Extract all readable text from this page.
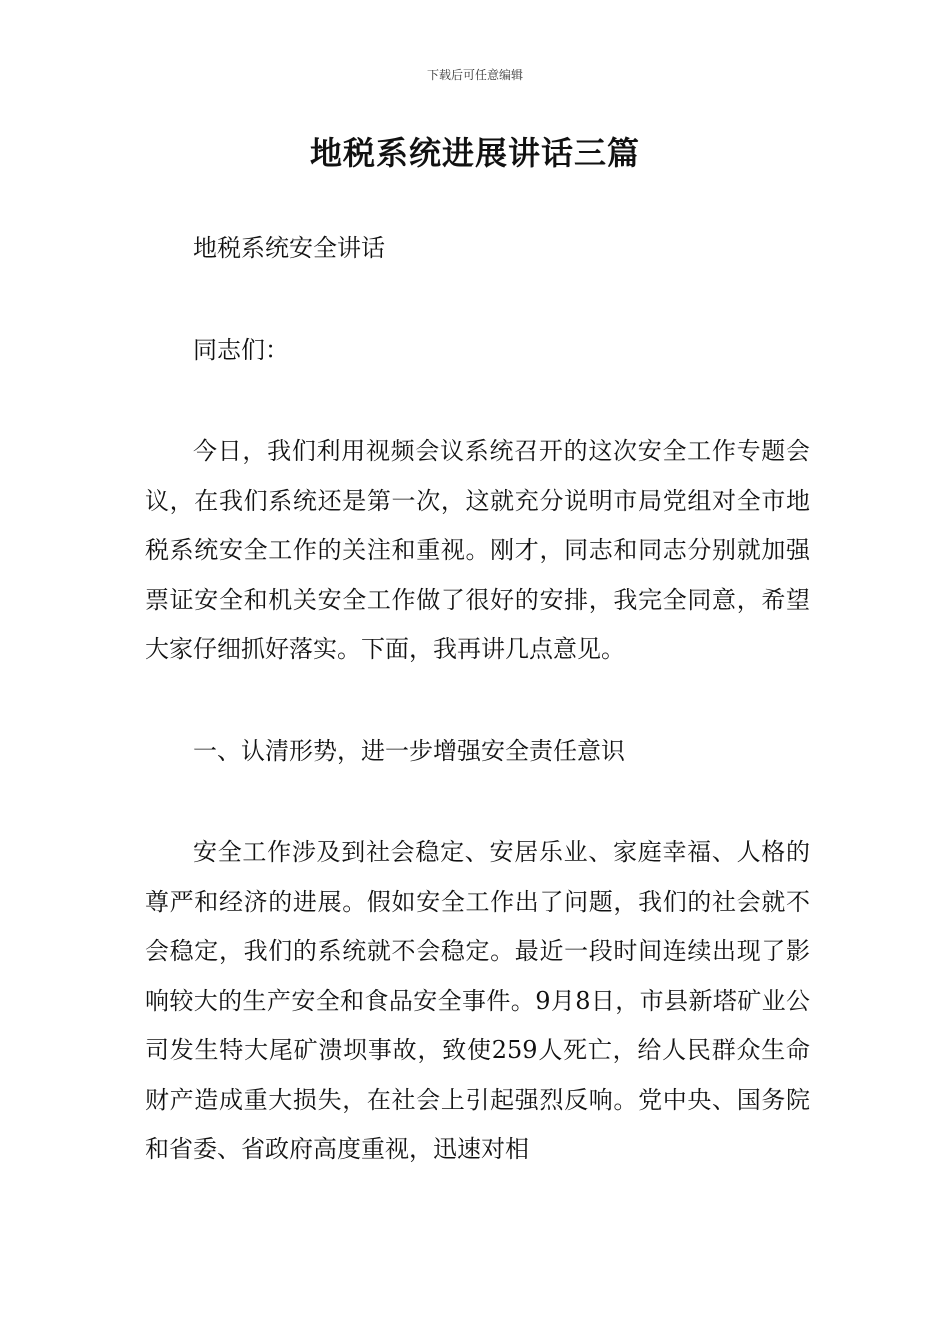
下载后可任意编辑
地税系统进展讲话三篇

地税系统安全讲话

同志们：

今日，我们利用视频会议系统召开的这次安全工作专题会议，在我们系统还是第一次，这就充分说明市局党组对全市地税系统安全工作的关注和重视。刚才，同志和同志分别就加强票证安全和机关安全工作做了很好的安排，我完全同意，希望大家仔细抓好落实。下面，我再讲几点意见。

一、认清形势，进一步增强安全责任意识

安全工作涉及到社会稳定、安居乐业、家庭幸福、人格的尊严和经济的进展。假如安全工作出了问题，我们的社会就不会稳定，我们的系统就不会稳定。最近一段时间连续出现了影响较大的生产安全和食品安全事件。9月8日，市县新塔矿业公司发生特大尾矿溃坝事故，致使259人死亡，给人民群众生命财产造成重大损失，在社会上引起强烈反响。党中央、国务院和省委、省政府高度重视，迅速对相
